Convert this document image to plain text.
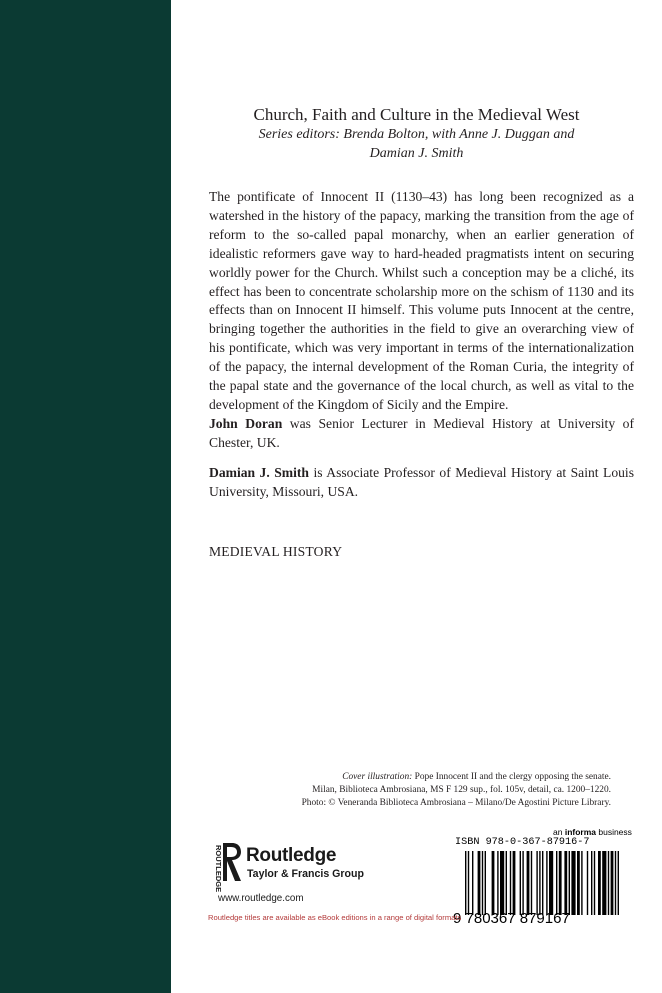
Church, Faith and Culture in the Medieval West
Series editors: Brenda Bolton, with Anne J. Duggan and
Damian J. Smith

The pontificate of Innocent II (1130–43) has long been recognized as a watershed in the history of the papacy, marking the transition from the age of reform to the so-called papal monarchy, when an earlier generation of idealistic reformers gave way to hard-headed pragmatists intent on securing worldly power for the Church. Whilst such a conception may be a cliché, its effect has been to concentrate scholarship more on the schism of 1130 and its effects than on Innocent II himself. This volume puts Innocent at the centre, bringing together the authorities in the field to give an overarching view of his pontificate, which was very important in terms of the internationalization of the papacy, the internal development of the Roman Curia, the integrity of the papal state and the governance of the local church, as well as vital to the development of the Kingdom of Sicily and the Empire.

John Doran was Senior Lecturer in Medieval History at University of Chester, UK.

Damian J. Smith is Associate Professor of Medieval History at Saint Louis University, Missouri, USA.

MEDIEVAL HISTORY
Cover illustration: Pope Innocent II and the clergy opposing the senate.
Milan, Biblioteca Ambrosiana, MS F 129 sup., fol. 105v, detail, ca. 1200–1220.
Photo: © Veneranda Biblioteca Ambrosiana – Milano/De Agostini Picture Library.
an informa business
ISBN 978-0-367-87916-7
9 780367 879167
ROUTLEDGE Routledge
Taylor & Francis Group
www.routledge.com
Routledge titles are available as eBook editions in a range of digital formats
